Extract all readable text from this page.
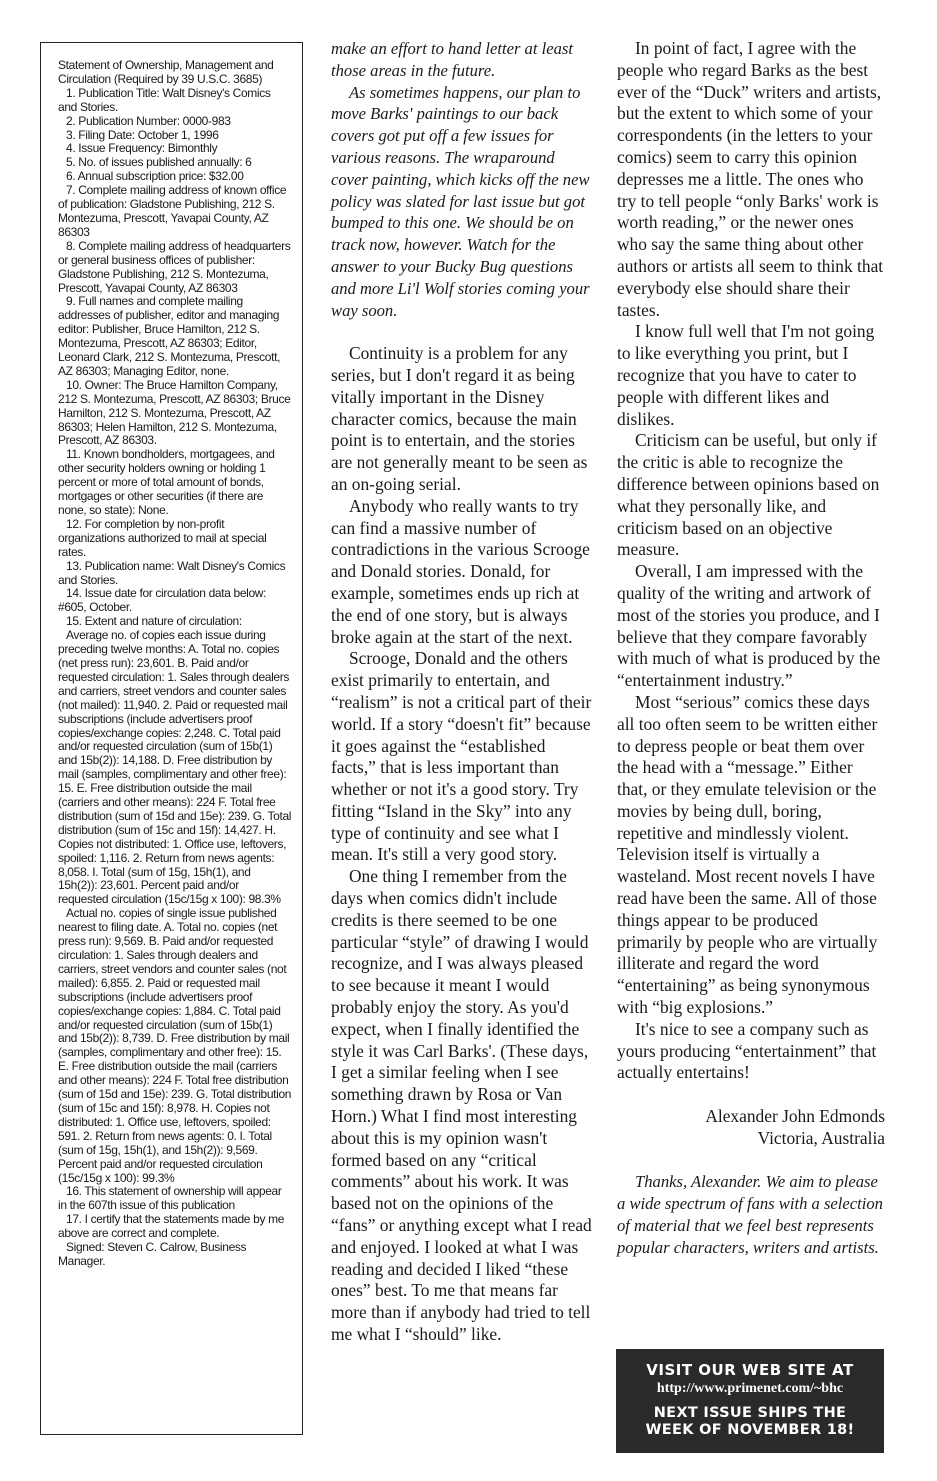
Statement of Ownership, Management and Circulation (Required by 39 U.S.C. 3685)

1. Publication Title: Walt Disney's Comics and Stories.

2. Publication Number: 0000-983

3. Filing Date: October 1, 1996

4. Issue Frequency: Bimonthly

5. No. of issues published annually: 6

6. Annual subscription price: $32.00

7. Complete mailing address of known office of publication: Gladstone Publishing, 212 S. Montezuma, Prescott, Yavapai County, AZ 86303

8. Complete mailing address of headquarters or general business offices of publisher: Gladstone Publishing, 212 S. Montezuma, Prescott, Yavapai County, AZ 86303

9. Full names and complete mailing addresses of publisher, editor and managing editor: Publisher, Bruce Hamilton, 212 S. Montezuma, Prescott, AZ 86303; Editor, Leonard Clark, 212 S. Montezuma, Prescott, AZ 86303; Managing Editor, none.

10. Owner: The Bruce Hamilton Company, 212 S. Montezuma, Prescott, AZ 86303; Bruce Hamilton, 212 S. Montezuma, Prescott, AZ 86303; Helen Hamilton, 212 S. Montezuma, Prescott, AZ 86303.

11. Known bondholders, mortgagees, and other security holders owning or holding 1 percent or more of total amount of bonds, mortgages or other securities (if there are none, so state): None.

12. For completion by non-profit organizations authorized to mail at special rates.

13. Publication name: Walt Disney's Comics and Stories.

14. Issue date for circulation data below: #605, October.

15. Extent and nature of circulation:

Average no. of copies each issue during preceding twelve months: A. Total no. copies (net press run): 23,601. B. Paid and/or requested circulation: 1. Sales through dealers and carriers, street vendors and counter sales (not mailed): 11,940. 2. Paid or requested mail subscriptions (include advertisers proof copies/exchange copies: 2,248. C. Total paid and/or requested circulation (sum of 15b(1) and 15b(2)): 14,188. D. Free distribution by mail (samples, complimentary and other free): 15. E. Free distribution outside the mail (carriers and other means): 224 F. Total free distribution (sum of 15d and 15e): 239. G. Total distribution (sum of 15c and 15f): 14,427. H. Copies not distributed: 1. Office use, leftovers, spoiled: 1,116. 2. Return from news agents: 8,058. I. Total (sum of 15g, 15h(1), and 15h(2)): 23,601. Percent paid and/or requested circulation (15c/15g x 100): 98.3%

Actual no. copies of single issue published nearest to filing date. A. Total no. copies (net press run): 9,569. B. Paid and/or requested circulation: 1. Sales through dealers and carriers, street vendors and counter sales (not mailed): 6,855. 2. Paid or requested mail subscriptions (include advertisers proof copies/exchange copies: 1,884. C. Total paid and/or requested circulation (sum of 15b(1) and 15b(2)): 8,739. D. Free distribution by mail (samples, complimentary and other free): 15. E. Free distribution outside the mail (carriers and other means): 224 F. Total free distribution (sum of 15d and 15e): 239. G. Total distribution (sum of 15c and 15f): 8,978. H. Copies not distributed: 1. Office use, leftovers, spoiled: 591. 2. Return from news agents: 0. I. Total (sum of 15g, 15h(1), and 15h(2)): 9,569. Percent paid and/or requested circulation (15c/15g x 100): 99.3%

16. This statement of ownership will appear in the 607th issue of this publication

17. I certify that the statements made by me above are correct and complete.

Signed: Steven C. Calrow, Business Manager.

make an effort to hand letter at least those areas in the future.

As sometimes happens, our plan to move Barks' paintings to our back covers got put off a few issues for various reasons. The wraparound cover painting, which kicks off the new policy was slated for last issue but got bumped to this one. We should be on track now, however. Watch for the answer to your Bucky Bug questions and more Li'l Wolf stories coming your way soon.

Continuity is a problem for any series, but I don't regard it as being vitally important in the Disney character comics, because the main point is to entertain, and the stories are not generally meant to be seen as an on-going serial.

Anybody who really wants to try can find a massive number of contradictions in the various Scrooge and Donald stories. Donald, for example, sometimes ends up rich at the end of one story, but is always broke again at the start of the next.

Scrooge, Donald and the others exist primarily to entertain, and “realism” is not a critical part of their world. If a story “doesn't fit” because it goes against the “established facts,” that is less important than whether or not it's a good story. Try fitting “Island in the Sky” into any type of continuity and see what I mean. It's still a very good story.

One thing I remember from the days when comics didn't include credits is there seemed to be one particular “style” of drawing I would recognize, and I was always pleased to see because it meant I would probably enjoy the story. As you'd expect, when I finally identified the style it was Carl Barks'. (These days, I get a similar feeling when I see something drawn by Rosa or Van Horn.) What I find most interesting about this is my opinion wasn't formed based on any “critical comments” about his work. It was based not on the opinions of the “fans” or anything except what I read and enjoyed. I looked at what I was reading and decided I liked “these ones” best. To me that means far more than if anybody had tried to tell me what I “should” like.

In point of fact, I agree with the people who regard Barks as the best ever of the “Duck” writers and artists, but the extent to which some of your correspondents (in the letters to your comics) seem to carry this opinion depresses me a little. The ones who try to tell people “only Barks' work is worth reading,” or the newer ones who say the same thing about other authors or artists all seem to think that everybody else should share their tastes.

I know full well that I'm not going to like everything you print, but I recognize that you have to cater to people with different likes and dislikes.

Criticism can be useful, but only if the critic is able to recognize the difference between opinions based on what they personally like, and criticism based on an objective measure.

Overall, I am impressed with the quality of the writing and artwork of most of the stories you produce, and I believe that they compare favorably with much of what is produced by the “entertainment industry.”

Most “serious” comics these days all too often seem to be written either to depress people or beat them over the head with a “message.” Either that, or they emulate television or the movies by being dull, boring, repetitive and mindlessly violent. Television itself is virtually a wasteland. Most recent novels I have read have been the same. All of those things appear to be produced primarily by people who are virtually illiterate and regard the word “entertaining” as being synonymous with “big explosions.”

It's nice to see a company such as yours producing “entertainment” that actually entertains!

Alexander John Edmonds

Victoria, Australia

Thanks, Alexander. We aim to please a wide spectrum of fans with a selection of material that we feel best represents popular characters, writers and artists.

VISIT OUR WEB SITE AT
http://www.primenet.com/~bhc
NEXT ISSUE SHIPS THE
WEEK OF NOVEMBER 18!
